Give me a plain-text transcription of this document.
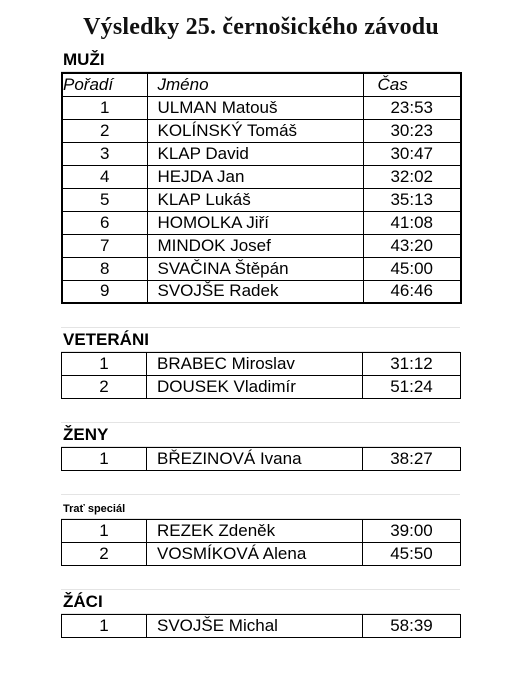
Výsledky 25. černošického závodu
MUŽI
Pořadí	Jméno	Čas
1	ULMAN Matouš	23:53
2	KOLÍNSKÝ Tomáš	30:23
3	KLAP David	30:47
4	HEJDA Jan	32:02
5	KLAP Lukáš	35:13
6	HOMOLKA Jiří	41:08
7	MINDOK Josef	43:20
8	SVAČINA Štěpán	45:00
9	SVOJŠE Radek	46:46
VETERÁNI
1	BRABEC Miroslav	31:12
2	DOUSEK Vladimír	51:24
ŽENY
1	BŘEZINOVÁ Ivana	38:27
Trať speciál
1	REZEK Zdeněk	39:00
2	VOSMÍKOVÁ Alena	45:50
ŽÁCI
1	SVOJŠE Michal	58:39
